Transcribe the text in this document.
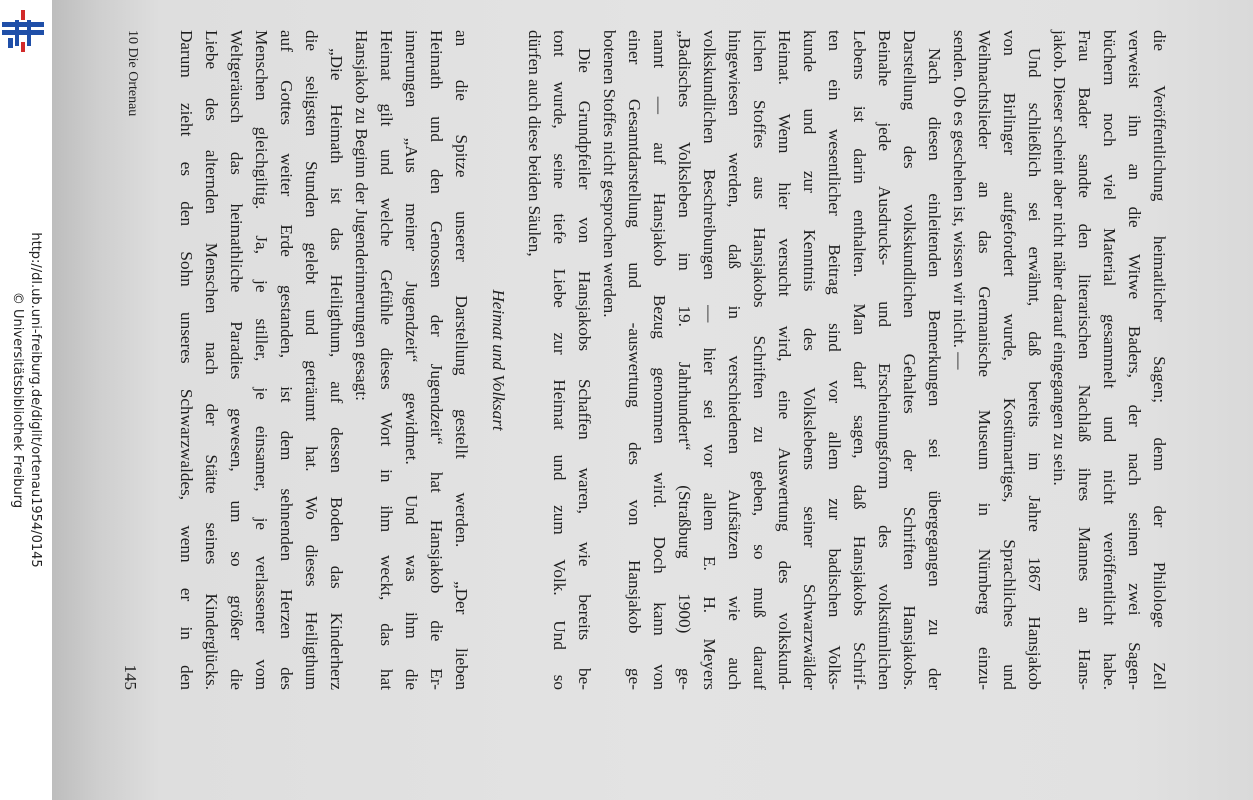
http://dl.ub.uni-freiburg.de/diglit/ortenau1954/0145
© Universitätsbibliothek Freiburg	die Veröffentlichung heimatlicher Sagen; denn der Philologe Zell
verweist ihn an die Witwe Baders, der nach seinen zwei Sagen-
büchern noch viel Material gesammelt und nicht veröffentlicht habe.
Frau Bader sandte den literarischen Nachlaß ihres Mannes an Hans-
jakob. Dieser scheint aber nicht näher darauf eingegangen zu sein.
Und schließlich sei erwähnt, daß bereits im Jahre 1867 Hansjakob
von Birlinger aufgefordert wurde, Kostümartiges, Sprachliches und
Weihnachtslieder an das Germanische Museum in Nürnberg einzu-
senden. Ob es geschehen ist, wissen wir nicht. —
Nach diesen einleitenden Bemerkungen sei übergegangen zu der
Darstellung des volkskundlichen Gehaltes der Schriften Hansjakobs.
Beinahe jede Ausdrucks- und Erscheinungsform des volkstümlichen
Lebens ist darin enthalten. Man darf sagen, daß Hansjakobs Schrif-
ten ein wesentlicher Beitrag sind vor allem zur badischen Volks-
kunde und zur Kenntnis des Volkslebens seiner Schwarzwälder
Heimat. Wenn hier versucht wird, eine Auswertung des volkskund-
lichen Stoffes aus Hansjakobs Schriften zu geben, so muß darauf
hingewiesen werden, daß in verschiedenen Aufsätzen wie auch
volkskundlichen Beschreibungen — hier sei vor allem E. H. Meyers
„Badisches Volksleben im 19. Jahrhundert“ (Straßburg 1900) ge-
nannt — auf Hansjakob Bezug genommen wird. Doch kann von
einer Gesamtdarstellung und -auswertung des von Hansjakob ge-
botenen Stoffes nicht gesprochen werden.
Die Grundpfeiler von Hansjakobs Schaffen waren, wie bereits be-
tont wurde, seine tiefe Liebe zur Heimat und zum Volk. Und so
dürfen auch diese beiden Säulen,
Heimat und Volksart
an die Spitze unserer Darstellung gestellt werden. „Der lieben
Heimath und den Genossen der Jugendzeit“ hat Hansjakob die Er-
innerungen „Aus meiner Jugendzeit“ gewidmet. Und was ihm die
Heimat gilt und welche Gefühle dieses Wort in ihm weckt, das hat
Hansjakob zu Beginn der Jugenderinnerungen gesagt:
„Die Heimath ist das Heiligthum, auf dessen Boden das Kinderherz
die seligsten Stunden gelebt und geträumt hat. Wo dieses Heiligthum
auf Gottes weiter Erde gestanden, ist dem sehnenden Herzen des
Menschen gleichgiltig. Ja, je stiller, je einsamer, je verlassener vom
Weltgeräusch das heimathliche Paradies gewesen, um so größer die
Liebe des alternden Menschen nach der Stätte seines Kinderglücks.
Darum zieht es den Sohn unseres Schwarzwaldes, wenn er in den
10 Die Ortenau
145
